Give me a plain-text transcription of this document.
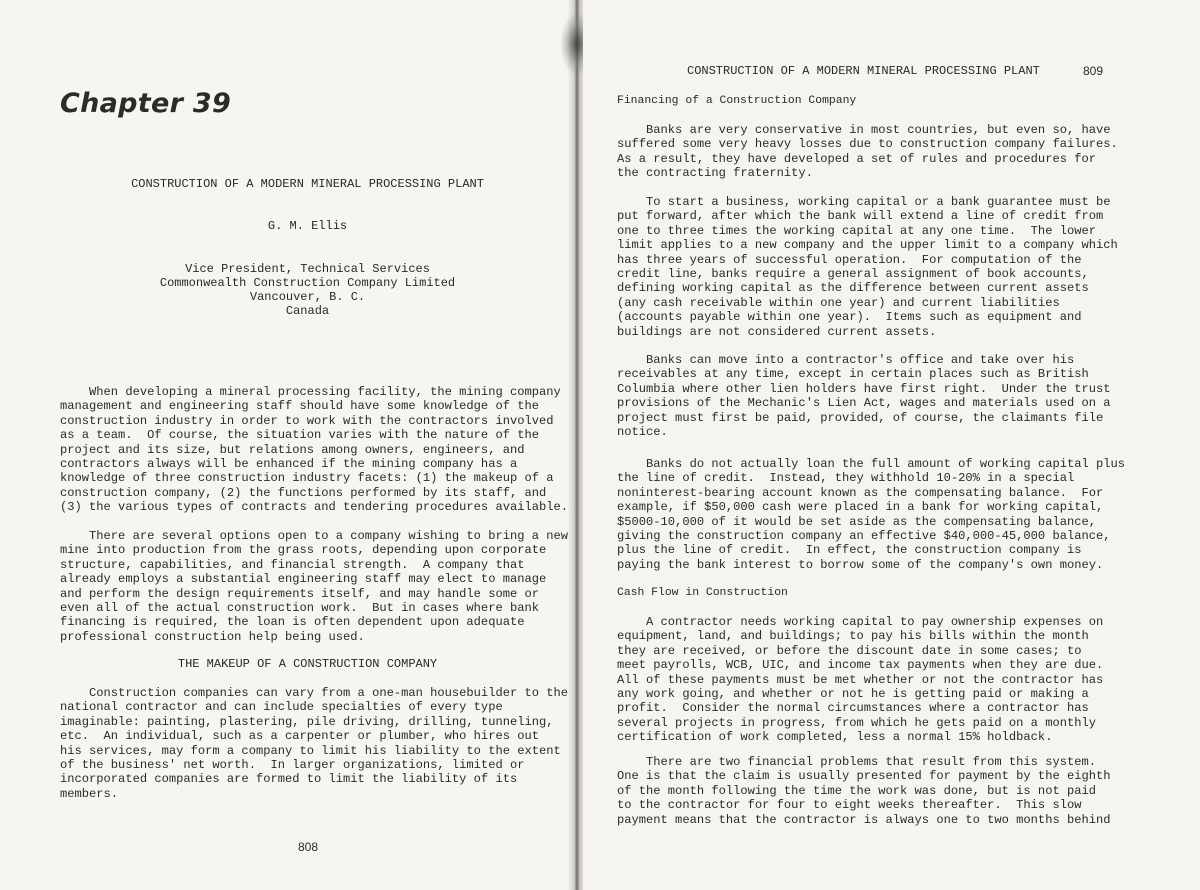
Chapter 39

CONSTRUCTION OF A MODERN MINERAL PROCESSING PLANT

G. M. Ellis

Vice President, Technical Services

Commonwealth Construction Company Limited

Vancouver, B. C.

Canada

When developing a mineral processing facility, the mining company
management and engineering staff should have some knowledge of the
construction industry in order to work with the contractors involved
as a team.  Of course, the situation varies with the nature of the
project and its size, but relations among owners, engineers, and
contractors always will be enhanced if the mining company has a
knowledge of three construction industry facets: (1) the makeup of a
construction company, (2) the functions performed by its staff, and
(3) the various types of contracts and tendering procedures available.

There are several options open to a company wishing to bring a new
mine into production from the grass roots, depending upon corporate
structure, capabilities, and financial strength.  A company that
already employs a substantial engineering staff may elect to manage
and perform the design requirements itself, and may handle some or
even all of the actual construction work.  But in cases where bank
financing is required, the loan is often dependent upon adequate
professional construction help being used.

THE MAKEUP OF A CONSTRUCTION COMPANY

Construction companies can vary from a one-man housebuilder to the
national contractor and can include specialties of every type
imaginable: painting, plastering, pile driving, drilling, tunneling,
etc.  An individual, such as a carpenter or plumber, who hires out
his services, may form a company to limit his liability to the extent
of the business' net worth.  In larger organizations, limited or
incorporated companies are formed to limit the liability of its
members.

808

CONSTRUCTION OF A MODERN MINERAL PROCESSING PLANT	809

Financing of a Construction Company

Banks are very conservative in most countries, but even so, have
suffered some very heavy losses due to construction company failures.
As a result, they have developed a set of rules and procedures for
the contracting fraternity.

To start a business, working capital or a bank guarantee must be
put forward, after which the bank will extend a line of credit from
one to three times the working capital at any one time.  The lower
limit applies to a new company and the upper limit to a company which
has three years of successful operation.  For computation of the
credit line, banks require a general assignment of book accounts,
defining working capital as the difference between current assets
(any cash receivable within one year) and current liabilities
(accounts payable within one year).  Items such as equipment and
buildings are not considered current assets.

Banks can move into a contractor's office and take over his
receivables at any time, except in certain places such as British
Columbia where other lien holders have first right.  Under the trust
provisions of the Mechanic's Lien Act, wages and materials used on a
project must first be paid, provided, of course, the claimants file
notice.

Banks do not actually loan the full amount of working capital plus
the line of credit.  Instead, they withhold 10-20% in a special
noninterest-bearing account known as the compensating balance.  For
example, if $50,000 cash were placed in a bank for working capital,
$5000-10,000 of it would be set aside as the compensating balance,
giving the construction company an effective $40,000-45,000 balance,
plus the line of credit.  In effect, the construction company is
paying the bank interest to borrow some of the company's own money.

Cash Flow in Construction

A contractor needs working capital to pay ownership expenses on
equipment, land, and buildings; to pay his bills within the month
they are received, or before the discount date in some cases; to
meet payrolls, WCB, UIC, and income tax payments when they are due.
All of these payments must be met whether or not the contractor has
any work going, and whether or not he is getting paid or making a
profit.  Consider the normal circumstances where a contractor has
several projects in progress, from which he gets paid on a monthly
certification of work completed, less a normal 15% holdback.

There are two financial problems that result from this system.
One is that the claim is usually presented for payment by the eighth
of the month following the time the work was done, but is not paid
to the contractor for four to eight weeks thereafter.  This slow
payment means that the contractor is always one to two months behind
